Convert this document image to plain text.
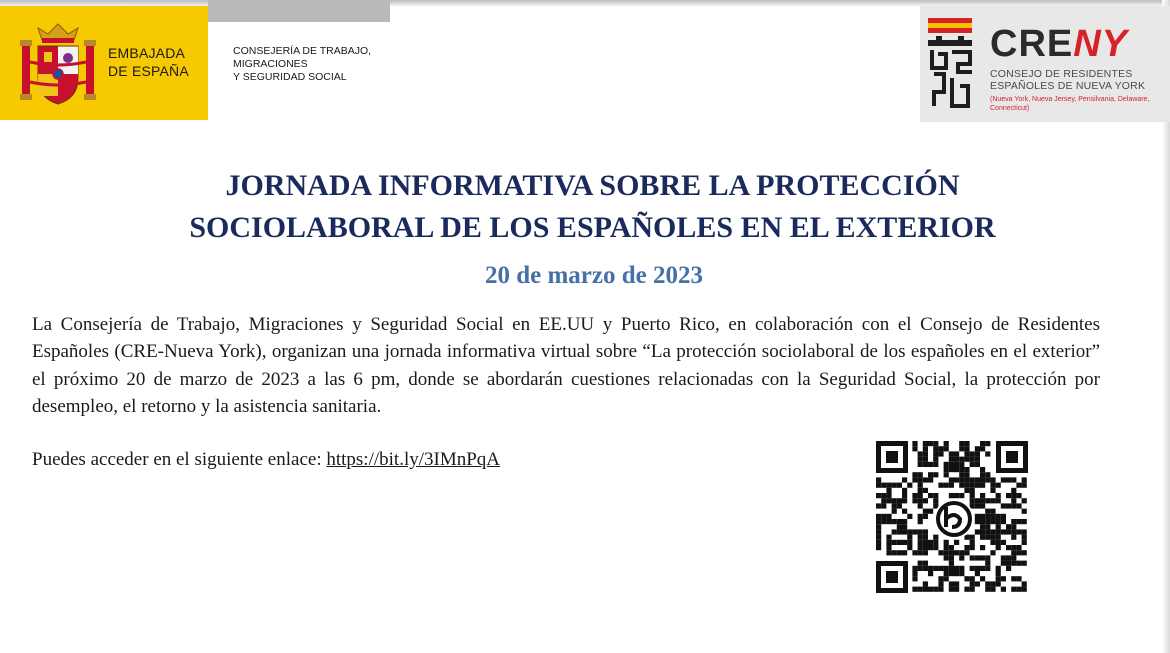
EMBAJADA
DE ESPAÑA
CONSEJERÍA DE TRABAJO,
MIGRACIONES
Y SEGURIDAD SOCIAL
CRENY
CONSEJO DE RESIDENTES
ESPAÑOLES DE NUEVA YORK
(Nueva York, Nueva Jersey, Pensilvania, Delaware, Connecticut)
JORNADA INFORMATIVA SOBRE LA PROTECCIÓN
SOCIOLABORAL DE LOS ESPAÑOLES EN EL EXTERIOR
20 de marzo de 2023
La Consejería de Trabajo, Migraciones y Seguridad Social en EE.UU y Puerto Rico, en colaboración con el Consejo de Residentes Españoles (CRE-Nueva York), organizan una jornada informativa virtual sobre “La protección sociolaboral de los españoles en el exterior” el próximo 20 de marzo de 2023 a las 6 pm, donde se abordarán cuestiones relacionadas con la Seguridad Social, la protección por desempleo, el retorno y la asistencia sanitaria.
Puedes acceder en el siguiente enlace: https://bit.ly/3IMnPqA
